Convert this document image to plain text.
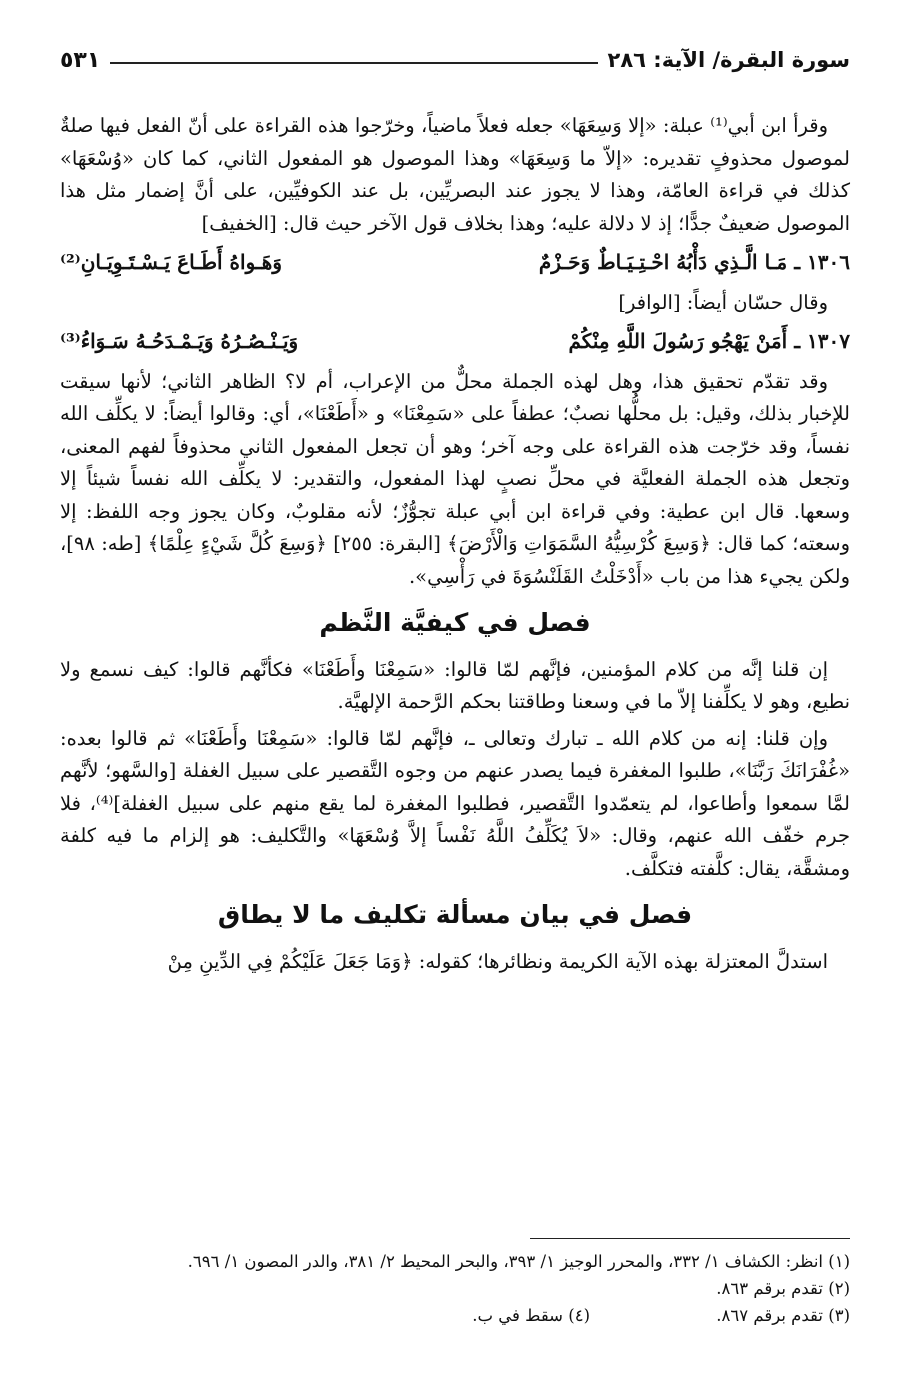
سورة البقرة/ الآية: ٢٨٦
٥٣١

وقرأ ابن أبي⁽¹⁾ عبلة: «إلا وَسِعَهَا» جعله فعلاً ماضياً، وخرّجوا هذه القراءة على أنّ الفعل فيها صلةٌ لموصول محذوفٍ تقديره: «إلاّ ما وَسِعَهَا» وهذا الموصول هو المفعول الثاني، كما كان «وُسْعَهَا» كذلك في قراءة العامّة، وهذا لا يجوز عند البصريِّين، بل عند الكوفيِّين، على أنَّ إضمار مثل هذا الموصول ضعيفٌ جدًّا؛ إذ لا دلالة عليه؛ وهذا بخلاف قول الآخر حيث قال: [الخفيف]

١٣٠٦ ـ مَـا الَّـذِي دَأْبُهُ احْـتِـيَـاطٌ وَحَـزْمٌ
وَهَـواهُ أَطَـاعَ يَـسْـتَـوِيَـانِ⁽²⁾

وقال حسّان أيضاً: [الوافر]

١٣٠٧ ـ أَمَنْ يَهْجُو رَسُولَ اللَّهِ مِنْكُمْ
وَيَـنْـصُـرُهُ وَيَـمْـدَحُـهُ سَـوَاءُ⁽³⁾

وقد تقدّم تحقيق هذا، وهل لهذه الجملة محلٌّ من الإعراب، أم لا؟ الظاهر الثاني؛ لأنها سيقت للإخبار بذلك، وقيل: بل محلُّها نصبٌ؛ عطفاً على «سَمِعْنَا» و «أَطَعْنَا»، أي: وقالوا أيضاً: لا يكلِّف الله نفساً، وقد خرّجت هذه القراءة على وجه آخر؛ وهو أن تجعل المفعول الثاني محذوفاً لفهم المعنى، وتجعل هذه الجملة الفعليَّة في محلِّ نصبٍ لهذا المفعول، والتقدير: لا يكلِّف الله نفساً شيئاً إلا وسعها. قال ابن عطية: وفي قراءة ابن أبي عبلة تجوُّزٌ؛ لأنه مقلوبٌ، وكان يجوز وجه اللفظ: إلا وسعته؛ كما قال: ﴿وَسِعَ كُرْسِيُّهُ السَّمَوَاتِ وَالْأَرْضَ﴾ [البقرة: ٢٥٥] ﴿وَسِعَ كُلَّ شَيْءٍ عِلْمًا﴾ [طه: ٩٨]، ولكن يجيء هذا من باب «أَدْخَلْتُ القَلَنْسُوَةَ في رَأْسِي».

فصل في كيفيَّة النَّظم

إن قلنا إنَّه من كلام المؤمنين، فإنَّهم لمّا قالوا: «سَمِعْنَا وأَطَعْنَا» فكأنَّهم قالوا: كيف نسمع ولا نطيع، وهو لا يكلِّفنا إلاّ ما في وسعنا وطاقتنا بحكم الرَّحمة الإلهيَّة.

وإن قلنا: إنه من كلام الله ـ تبارك وتعالى ـ، فإنَّهم لمّا قالوا: «سَمِعْنَا وأَطَعْنَا» ثم قالوا بعده: «غُفْرَانَكَ رَبَّنَا»، طلبوا المغفرة فيما يصدر عنهم من وجوه التَّقصير على سبيل الغفلة [والسَّهو؛ لأنَّهم لمَّا سمعوا وأطاعوا، لم يتعمّدوا التَّقصير، فطلبوا المغفرة لما يقع منهم على سبيل الغفلة]⁽⁴⁾، فلا جرم خفّف الله عنهم، وقال: «لاَ يُكَلِّفُ اللَّهُ نَفْساً إلاَّ وُسْعَهَا» والتَّكليف: هو إلزام ما فيه كلفة ومشقَّة، يقال: كلَّفته فتكلَّف.

فصل في بيان مسألة تكليف ما لا يطاق

استدلَّ المعتزلة بهذه الآية الكريمة ونظائرها؛ كقوله: ﴿وَمَا جَعَلَ عَلَيْكُمْ فِي الدِّينِ مِنْ

(١) انظر: الكشاف ١/ ٣٣٢، والمحرر الوجيز ١/ ٣٩٣، والبحر المحيط ٢/ ٣٨١، والدر المصون ١/ ٦٩٦.
(٢) تقدم برقم ٨٦٣.
(٣) تقدم برقم ٨٦٧.
(٤) سقط في ب.
